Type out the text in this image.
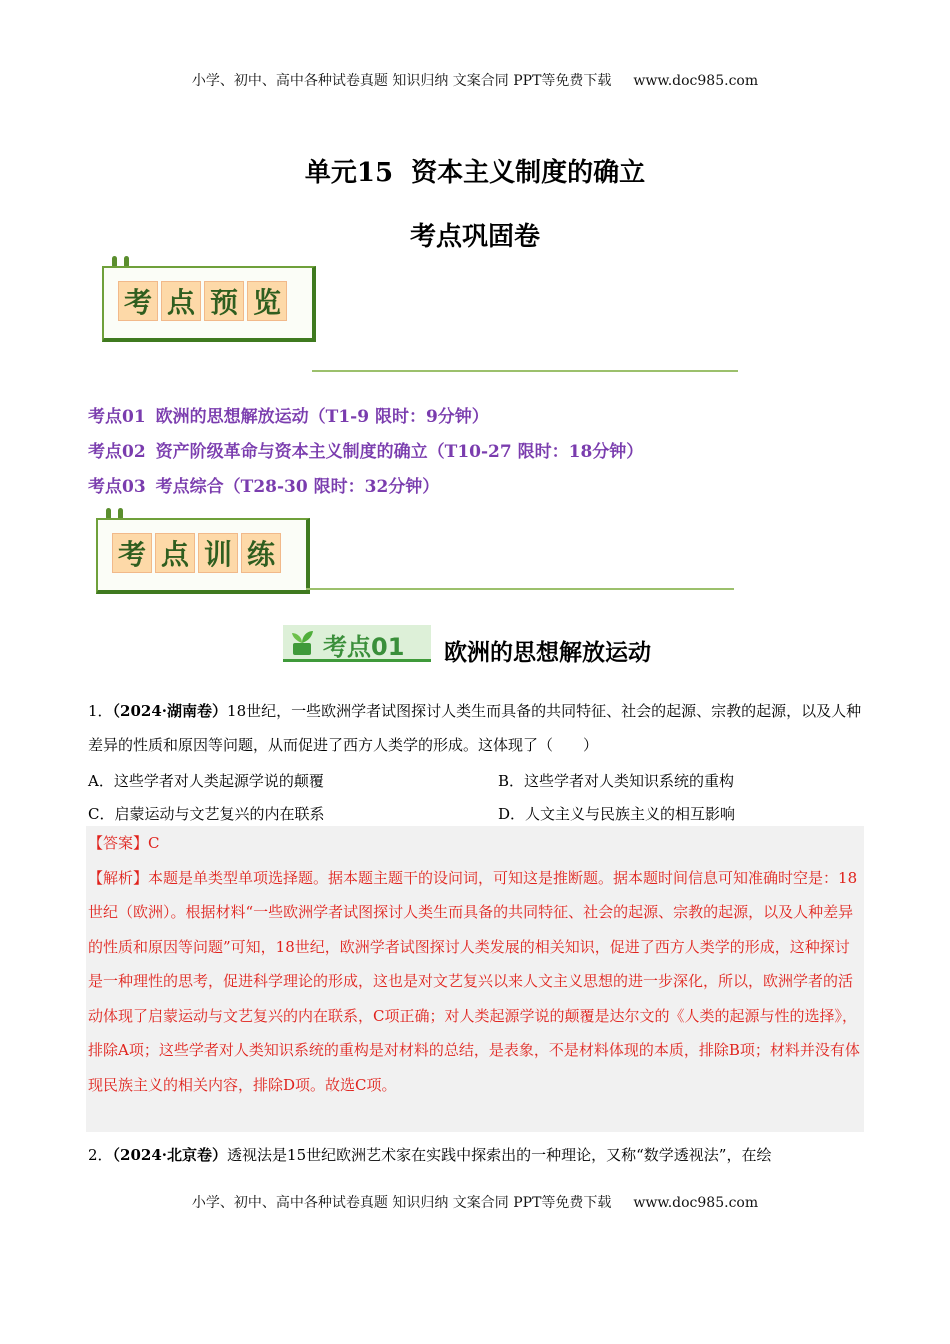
小学、初中、高中各种试卷真题 知识归纳 文案合同 PPT等免费下载 www.doc985.com
单元15 资本主义制度的确立
考点巩固卷
考 点 预 览
考点01 欧洲的思想解放运动（T1-9 限时：9分钟）
考点02 资产阶级革命与资本主义制度的确立（T10-27 限时：18分钟）
考点03 考点综合（T28-30 限时：32分钟）
考 点 训 练
考点01 欧洲的思想解放运动
1．（2024·湖南卷）18世纪，一些欧洲学者试图探讨人类生而具备的共同特征、社会的起源、宗教的起源，以及人种差异的性质和原因等问题，从而促进了西方人类学的形成。这体现了（　　）
A．这些学者对人类起源学说的颠覆	B．这些学者对人类知识系统的重构
C．启蒙运动与文艺复兴的内在联系	D．人文主义与民族主义的相互影响
【答案】C
【解析】本题是单类型单项选择题。据本题主题干的设问词，可知这是推断题。据本题时间信息可知准确时空是：18世纪（欧洲）。根据材料“一些欧洲学者试图探讨人类生而具备的共同特征、社会的起源、宗教的起源，以及人种差异的性质和原因等问题”可知，18世纪，欧洲学者试图探讨人类发展的相关知识，促进了西方人类学的形成，这种探讨是一种理性的思考，促进科学理论的形成，这也是对文艺复兴以来人文主义思想的进一步深化，所以，欧洲学者的活动体现了启蒙运动与文艺复兴的内在联系，C项正确；对人类起源学说的颠覆是达尔文的《人类的起源与性的选择》，排除A项；这些学者对人类知识系统的重构是对材料的总结，是表象，不是材料体现的本质，排除B项；材料并没有体现民族主义的相关内容，排除D项。故选C项。
2．（2024·北京卷）透视法是15世纪欧洲艺术家在实践中探索出的一种理论，又称“数学透视法”，在绘
小学、初中、高中各种试卷真题 知识归纳 文案合同 PPT等免费下载 www.doc985.com
